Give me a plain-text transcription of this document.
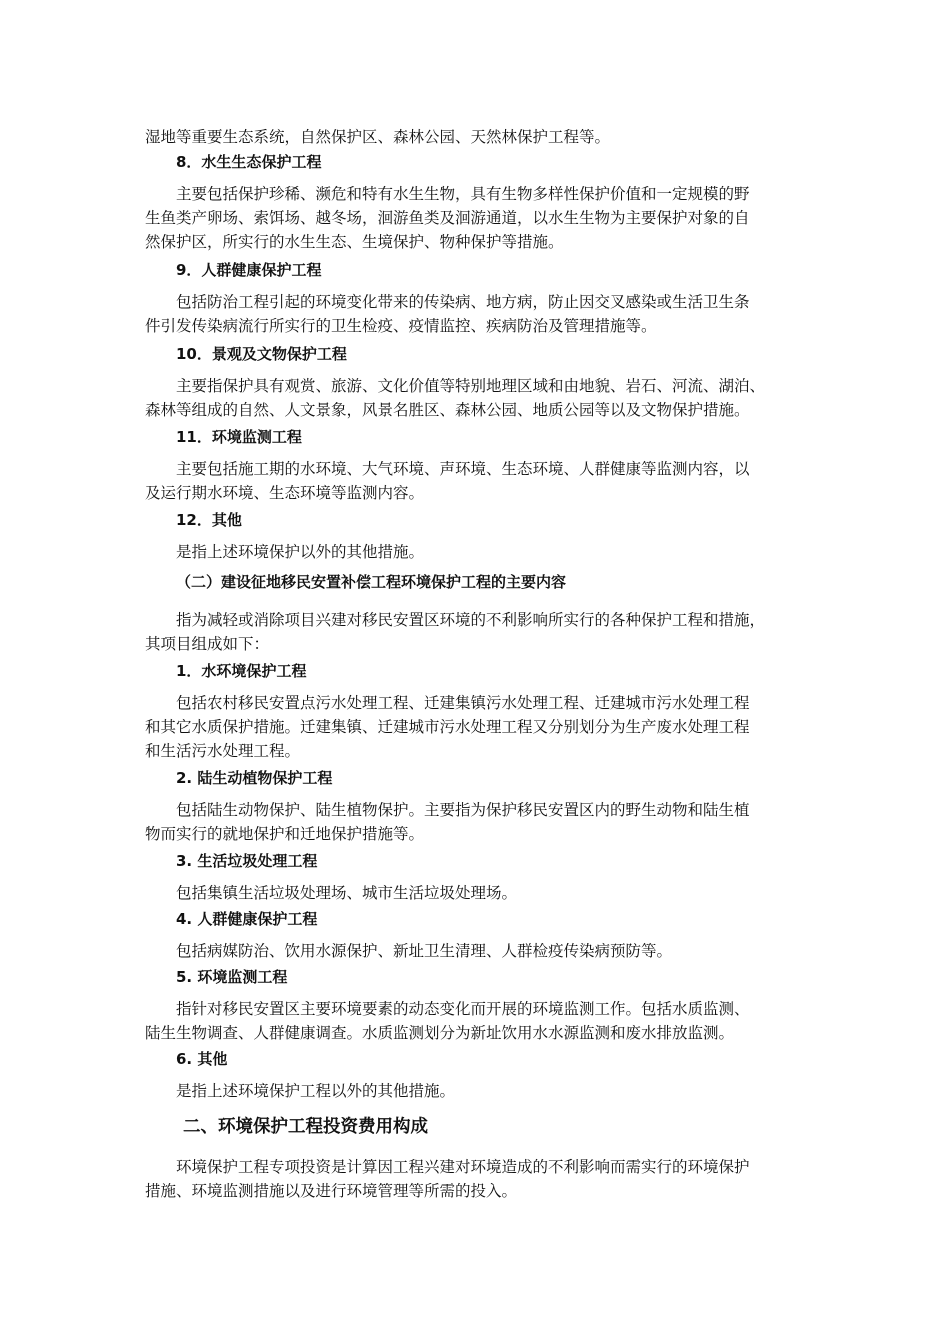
湿地等重要生态系统，自然保护区、森林公园、天然林保护工程等。
8．水生生态保护工程
主要包括保护珍稀、濒危和特有水生生物，具有生物多样性保护价值和一定规模的野
生鱼类产卵场、索饵场、越冬场，洄游鱼类及洄游通道，以水生生物为主要保护对象的自
然保护区，所实行的水生生态、生境保护、物种保护等措施。
9．人群健康保护工程
包括防治工程引起的环境变化带来的传染病、地方病，防止因交叉感染或生活卫生条
件引发传染病流行所实行的卫生检疫、疫情监控、疾病防治及管理措施等。
10．景观及文物保护工程
主要指保护具有观赏、旅游、文化价值等特别地理区域和由地貌、岩石、河流、湖泊、
森林等组成的自然、人文景象，风景名胜区、森林公园、地质公园等以及文物保护措施。
11．环境监测工程
主要包括施工期的水环境、大气环境、声环境、生态环境、人群健康等监测内容，以
及运行期水环境、生态环境等监测内容。
12．其他
是指上述环境保护以外的其他措施。
（二）建设征地移民安置补偿工程环境保护工程的主要内容
指为减轻或消除项目兴建对移民安置区环境的不利影响所实行的各种保护工程和措施，
其项目组成如下：
1．水环境保护工程
包括农村移民安置点污水处理工程、迁建集镇污水处理工程、迁建城市污水处理工程
和其它水质保护措施。迁建集镇、迁建城市污水处理工程又分别划分为生产废水处理工程
和生活污水处理工程。
2. 陆生动植物保护工程
包括陆生动物保护、陆生植物保护。主要指为保护移民安置区内的野生动物和陆生植
物而实行的就地保护和迁地保护措施等。
3. 生活垃圾处理工程
包括集镇生活垃圾处理场、城市生活垃圾处理场。
4. 人群健康保护工程
包括病媒防治、饮用水源保护、新址卫生清理、人群检疫传染病预防等。
5. 环境监测工程
指针对移民安置区主要环境要素的动态变化而开展的环境监测工作。包括水质监测、
陆生生物调查、人群健康调查。水质监测划分为新址饮用水水源监测和废水排放监测。
6. 其他
是指上述环境保护工程以外的其他措施。
二、环境保护工程投资费用构成
环境保护工程专项投资是计算因工程兴建对环境造成的不利影响而需实行的环境保护
措施、环境监测措施以及进行环境管理等所需的投入。
